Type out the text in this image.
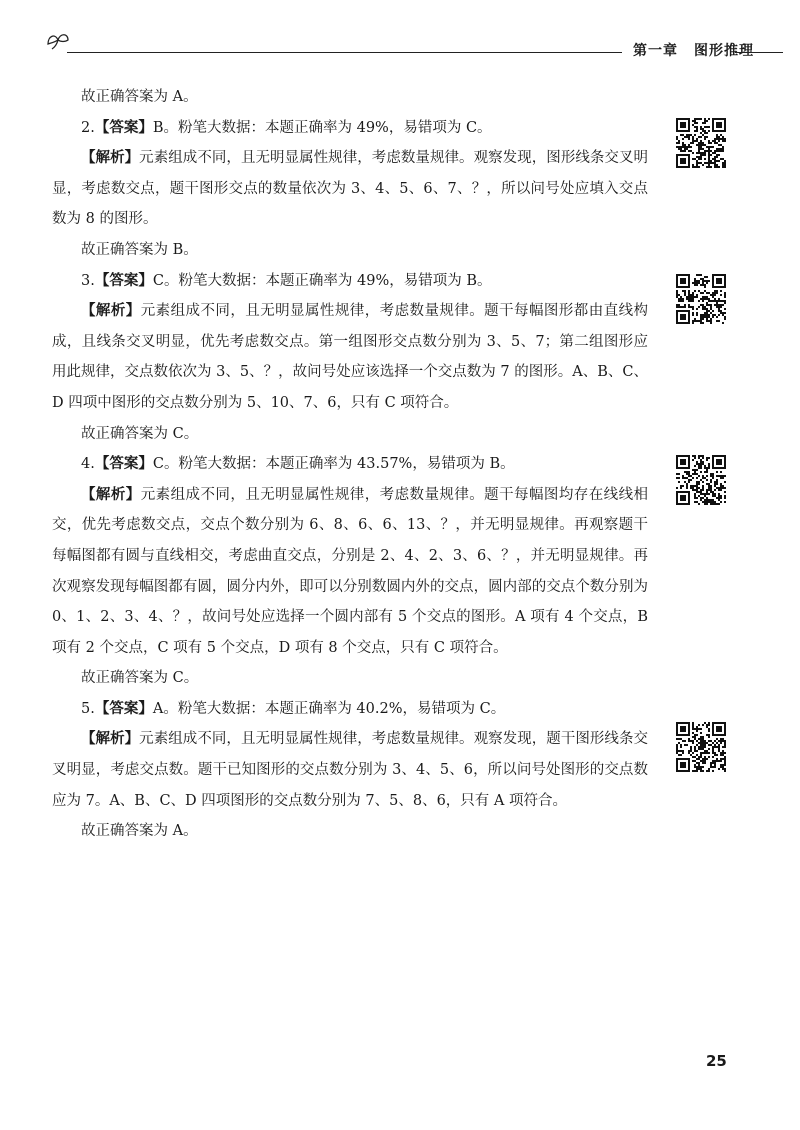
第一章 图形推理

故正确答案为 A。

2.【答案】B。粉笔大数据：本题正确率为 49%，易错项为 C。

【解析】元素组成不同，且无明显属性规律，考虑数量规律。观察发现，图形线条交叉明显，考虑数交点，题干图形交点的数量依次为 3、4、5、6、7、？，所以问号处应填入交点数为 8 的图形。

故正确答案为 B。

3.【答案】C。粉笔大数据：本题正确率为 49%，易错项为 B。

【解析】元素组成不同，且无明显属性规律，考虑数量规律。题干每幅图形都由直线构成，且线条交叉明显，优先考虑数交点。第一组图形交点数分别为 3、5、7；第二组图形应用此规律，交点数依次为 3、5、？，故问号处应该选择一个交点数为 7 的图形。A、B、C、D 四项中图形的交点数分别为 5、10、7、6，只有 C 项符合。

故正确答案为 C。

4.【答案】C。粉笔大数据：本题正确率为 43.57%，易错项为 B。

【解析】元素组成不同，且无明显属性规律，考虑数量规律。题干每幅图均存在线线相交，优先考虑数交点，交点个数分别为 6、8、6、6、13、？，并无明显规律。再观察题干每幅图都有圆与直线相交，考虑曲直交点，分别是 2、4、2、3、6、？，并无明显规律。再次观察发现每幅图都有圆，圆分内外，即可以分别数圆内外的交点，圆内部的交点个数分别为 0、1、2、3、4、？，故问号处应选择一个圆内部有 5 个交点的图形。A 项有 4 个交点，B 项有 2 个交点，C 项有 5 个交点，D 项有 8 个交点，只有 C 项符合。

故正确答案为 C。

5.【答案】A。粉笔大数据：本题正确率为 40.2%，易错项为 C。

【解析】元素组成不同，且无明显属性规律，考虑数量规律。观察发现，题干图形线条交叉明显，考虑交点数。题干已知图形的交点数分别为 3、4、5、6，所以问号处图形的交点数应为 7。A、B、C、D 四项图形的交点数分别为 7、5、8、6，只有 A 项符合。

故正确答案为 A。

25
